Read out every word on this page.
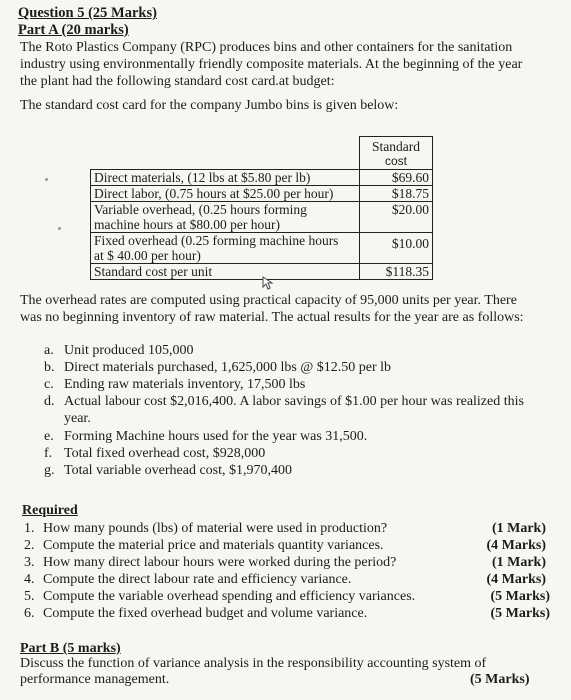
Question 5 (25 Marks)
Part A (20 marks)
The Roto Plastics Company (RPC) produces bins and other containers for the sanitation
industry using environmentally friendly composite materials. At the beginning of the year
the plant had the following standard cost card.at budget:
The standard cost card for the company Jumbo bins is given below:

	Standard
cost

Direct materials, (12 lbs at $5.80 per lb)	$69.60
Direct labor, (0.75 hours at $25.00 per hour)	$18.75

Variable overhead, (0.25 hours forming
machine hours at $80.00 per hour)	$20.00

Fixed overhead (0.25 forming machine hours
at $ 40.00 per hour)	$10.00
Standard cost per unit	$118.35
The overhead rates are computed using practical capacity of 95,000 units per year. There
was no beginning inventory of raw material. The actual results for the year are as follows:
a. Unit produced 105,000
b. Direct materials purchased, 1,625,000 lbs @ $12.50 per lb
c. Ending raw materials inventory, 17,500 lbs
d. Actual labour cost $2,016,400. A labor savings of $1.00 per hour was realized this
year.
e. Forming Machine hours used for the year was 31,500.
f. Total fixed overhead cost, $928,000
g. Total variable overhead cost, $1,970,400
Required
1. How many pounds (lbs) of material were used in production?	(1 Mark)
2. Compute the material price and materials quantity variances.	(4 Marks)
3. How many direct labour hours were worked during the period?	(1 Mark)
4. Compute the direct labour rate and efficiency variance.	(4 Marks)
5. Compute the variable overhead spending and efficiency variances.	(5 Marks)
6. Compute the fixed overhead budget and volume variance.	(5 Marks)
Part B (5 marks)
Discuss the function of variance analysis in the responsibility accounting system of
performance management.	(5 Marks)
